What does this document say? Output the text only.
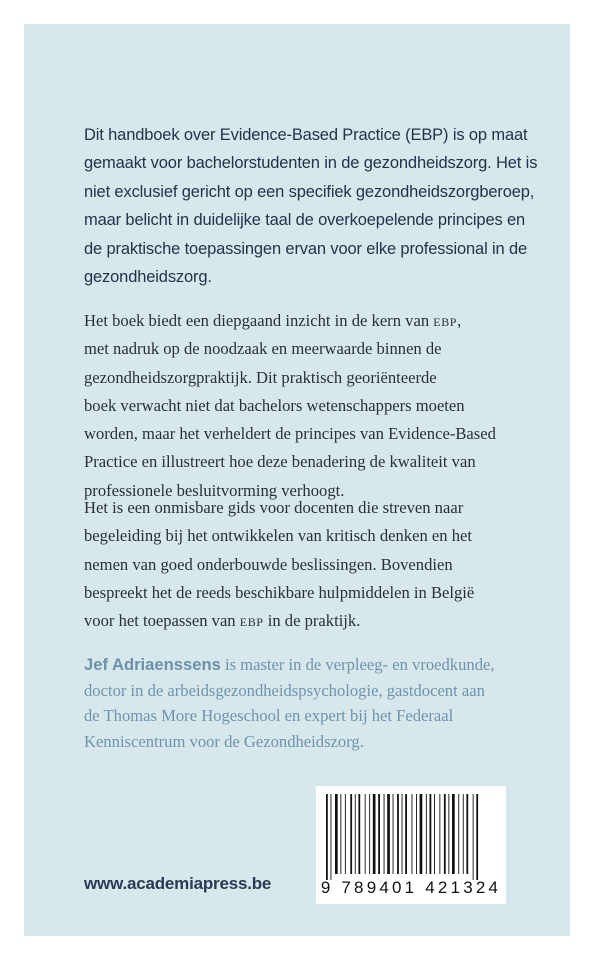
Dit handboek over Evidence-Based Practice (EBP) is op maat
gemaakt voor bachelorstudenten in de gezondheidszorg. Het is
niet exclusief gericht op een specifiek gezondheidszorgberoep,
maar belicht in duidelijke taal de overkoepelende principes en
de praktische toepassingen ervan voor elke professional in de
gezondheidszorg.
Het boek biedt een diepgaand inzicht in de kern van ebp,
met nadruk op de noodzaak en meerwaarde binnen de
gezondheidszorgpraktijk. Dit praktisch georiënteerde
boek verwacht niet dat bachelors wetenschappers moeten
worden, maar het verheldert de principes van Evidence-Based
Practice en illustreert hoe deze benadering de kwaliteit van
professionele besluitvorming verhoogt.
Het is een onmisbare gids voor docenten die streven naar
begeleiding bij het ontwikkelen van kritisch denken en het
nemen van goed onderbouwde beslissingen. Bovendien
bespreekt het de reeds beschikbare hulpmiddelen in België
voor het toepassen van ebp in de praktijk.
Jef Adriaenssens is master in de verpleeg- en vroedkunde,
doctor in de arbeidsgezondheidspsychologie, gastdocent aan
de Thomas More Hogeschool en expert bij het Federaal
Kenniscentrum voor de Gezondheidszorg.
9 789401 421324
www.academiapress.be
